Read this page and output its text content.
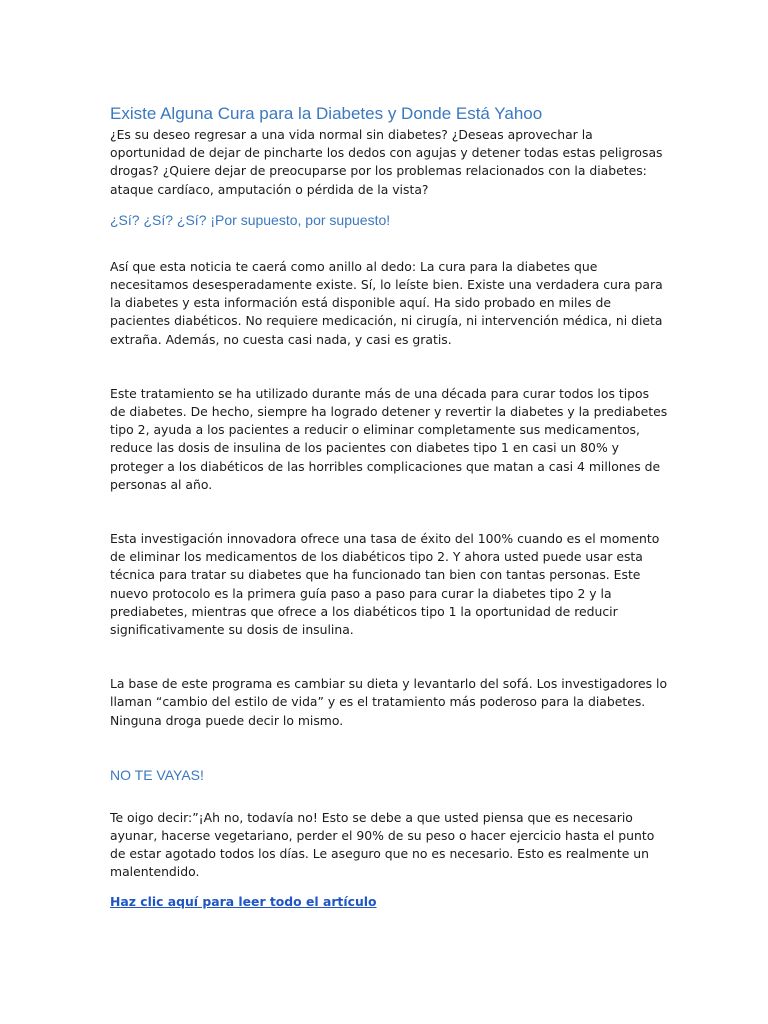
Existe Alguna Cura para la Diabetes y Donde Está Yahoo

¿Es su deseo regresar a una vida normal sin diabetes? ¿Deseas aprovechar la oportunidad de dejar de pincharte los dedos con agujas y detener todas estas peligrosas drogas? ¿Quiere dejar de preocuparse por los problemas relacionados con la diabetes: ataque cardíaco, amputación o pérdida de la vista?

¿Sí? ¿Sí? ¿Sí? ¡Por supuesto, por supuesto!

Así que esta noticia te caerá como anillo al dedo: La cura para la diabetes que necesitamos desesperadamente existe. Sí, lo leíste bien. Existe una verdadera cura para la diabetes y esta información está disponible aquí. Ha sido probado en miles de pacientes diabéticos. No requiere medicación, ni cirugía, ni intervención médica, ni dieta extraña. Además, no cuesta casi nada, y casi es gratis.

Este tratamiento se ha utilizado durante más de una década para curar todos los tipos de diabetes. De hecho, siempre ha logrado detener y revertir la diabetes y la prediabetes tipo 2, ayuda a los pacientes a reducir o eliminar completamente sus medicamentos, reduce las dosis de insulina de los pacientes con diabetes tipo 1 en casi un 80% y proteger a los diabéticos de las horribles complicaciones que matan a casi 4 millones de personas al año.

Esta investigación innovadora ofrece una tasa de éxito del 100% cuando es el momento de eliminar los medicamentos de los diabéticos tipo 2. Y ahora usted puede usar esta técnica para tratar su diabetes que ha funcionado tan bien con tantas personas. Este nuevo protocolo es la primera guía paso a paso para curar la diabetes tipo 2 y la prediabetes, mientras que ofrece a los diabéticos tipo 1 la oportunidad de reducir significativamente su dosis de insulina.

La base de este programa es cambiar su dieta y levantarlo del sofá. Los investigadores lo llaman “cambio del estilo de vida” y es el tratamiento más poderoso para la diabetes. Ninguna droga puede decir lo mismo.

NO TE VAYAS!

Te oigo decir:”¡Ah no, todavía no! Esto se debe a que usted piensa que es necesario ayunar, hacerse vegetariano, perder el 90% de su peso o hacer ejercicio hasta el punto de estar agotado todos los días. Le aseguro que no es necesario. Esto es realmente un malentendido.

Haz clic aquí para leer todo el artículo
